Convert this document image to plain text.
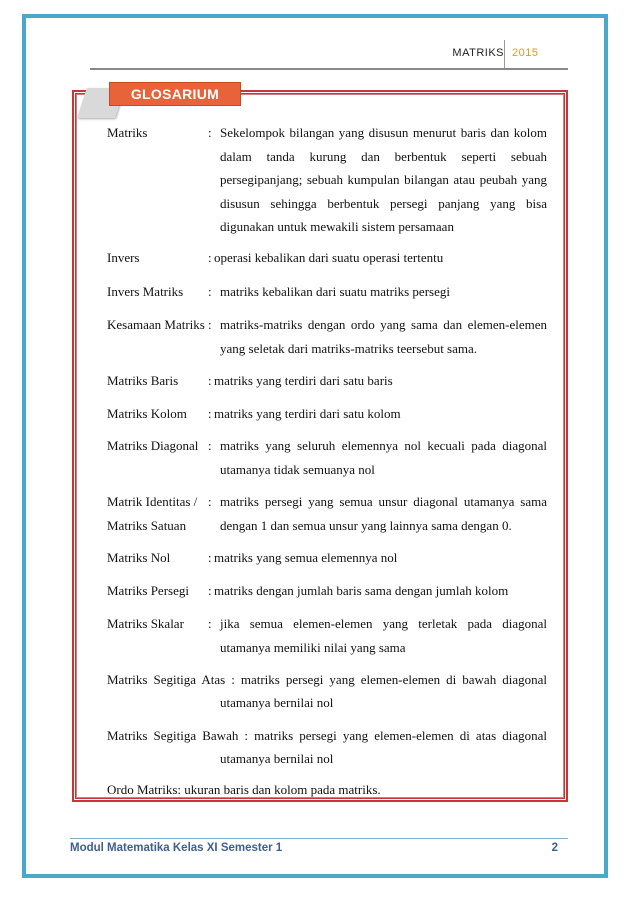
MATRIKS 2015
GLOSARIUM
Matriks	: Sekelompok bilangan yang disusun menurut baris dan kolom dalam tanda kurung dan berbentuk seperti sebuah persegipanjang; sebuah kumpulan bilangan atau peubah yang disusun sehingga berbentuk persegi panjang yang bisa digunakan untuk mewakili sistem persamaan
Invers	: operasi kebalikan dari suatu operasi tertentu
Invers Matriks : matriks kebalikan dari suatu matriks persegi
Kesamaan Matriks : matriks-matriks dengan ordo yang sama dan elemen-elemen yang seletak dari matriks-matriks teersebut sama.
Matriks Baris : matriks yang terdiri dari satu baris
Matriks Kolom : matriks yang terdiri dari satu kolom
Matriks Diagonal : matriks yang seluruh elemennya nol kecuali pada diagonal utamanya tidak semuanya nol
Matrik Identitas /
Matriks Satuan
: matriks persegi yang semua unsur diagonal utamanya sama dengan 1 dan semua unsur yang lainnya sama dengan 0.
Matriks Nol	: matriks yang semua elemennya nol
Matriks Persegi : matriks dengan jumlah baris sama dengan jumlah kolom
Matriks Skalar : jika semua elemen-elemen yang terletak pada diagonal utamanya memiliki nilai yang sama
Matriks Segitiga Atas : matriks persegi yang elemen-elemen di bawah diagonal
utamanya bernilai nol
Matriks Segitiga Bawah : matriks persegi yang elemen-elemen di atas diagonal
utamanya bernilai nol
Ordo Matriks: ukuran baris dan kolom pada matriks.
Modul Matematika Kelas XI Semester 1	2
